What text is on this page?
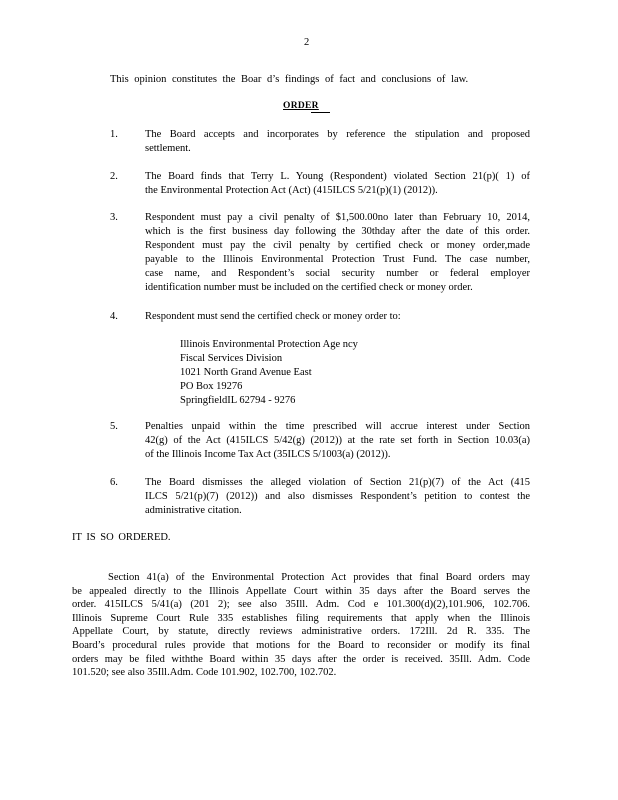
2
This opinion constitutes the Boar d’s findings of fact and conclusions of law.
ORDER
1.	The Board accepts and incorporates by reference the stipulation and proposed
settlement.
2.	The Board finds that Terry L. Young (Respondent) violated Section 21(p)( 1) of
the Environmental Protection Act (Act) (415ILCS 5/21(p)(1) (2012)).
3.	Respondent must pay a civil penalty of $1,500.00no later than February 10, 2014,
which is the first business day following the 30thday after the date of this order.
Respondent must pay the civil penalty by certified check or money order,made
payable to the Illinois Environmental Protection Trust Fund. The case number,
case name, and Respondent’s social security number or federal employer
identification number must be included on the certified check or money order.
4.	Respondent must send the certified check or money order to:
Illinois Environmental Protection Age ncy
Fiscal Services Division
1021 North Grand Avenue East
PO Box 19276
SpringfieldIL 62794 - 9276
5.	Penalties unpaid within the time prescribed will accrue interest under Section
42(g) of the Act (415ILCS 5/42(g) (2012)) at the rate set forth in Section 10.03(a)
of the Illinois Income Tax Act (35ILCS 5/1003(a) (2012)).
6.	The Board dismisses the alleged violation of Section 21(p)(7) of the Act (415
ILCS 5/21(p)(7) (2012)) and also dismisses Respondent’s petition to contest the
administrative citation.
IT IS SO ORDERED.
Section 41(a) of the Environmental Protection Act provides that final Board orders may
be appealed directly to the Illinois Appellate Court within 35 days after the Board serves the
order. 415ILCS 5/41(a) (201 2); see also 35Ill. Adm. Cod e 101.300(d)(2),101.906, 102.706.
Illinois Supreme Court Rule 335 establishes filing requirements that apply when the Illinois
Appellate Court, by statute, directly reviews administrative orders. 172Ill. 2d R. 335. The
Board’s procedural rules provide that motions for the Board to reconsider or modify its final
orders may be filed withthe Board within 35 days after the order is received. 35Ill. Adm. Code
101.520; see also 35Ill.Adm. Code 101.902, 102.700, 102.702.
